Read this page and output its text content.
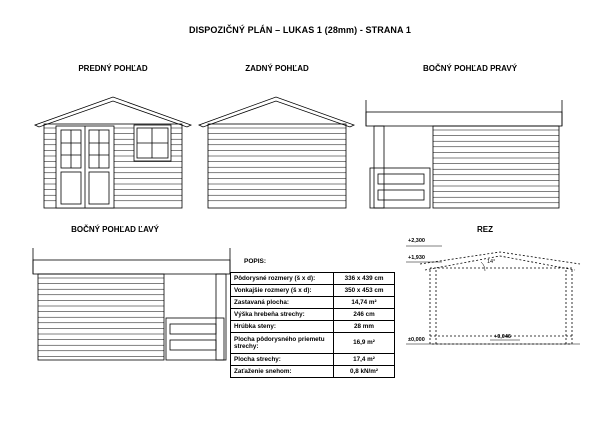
DISPOZIČNÝ PLÁN – LUKAS 1 (28mm) - STRANA 1
PREDNÝ POHĽAD	ZADNÝ POHĽAD	BOČNÝ POHĽAD PRAVÝ
BOČNÝ POHĽAD ĽAVÝ	REZ
+2,300
+1,930
±0,000	+0,046
14°
POPIS:
Pôdorysné rozmery (š x d):	336 x 439 cm
Vonkajšie rozmery (š x d):	350 x 453 cm
Zastavaná plocha:	14,74 m²
Výška hrebeňa strechy:	246 cm
Hrúbka steny:	28 mm
Plocha pôdorysného priemetu strechy:	16,9 m²
Plocha strechy:	17,4 m²
Zaťaženie snehom:	0,8 kN/m²
